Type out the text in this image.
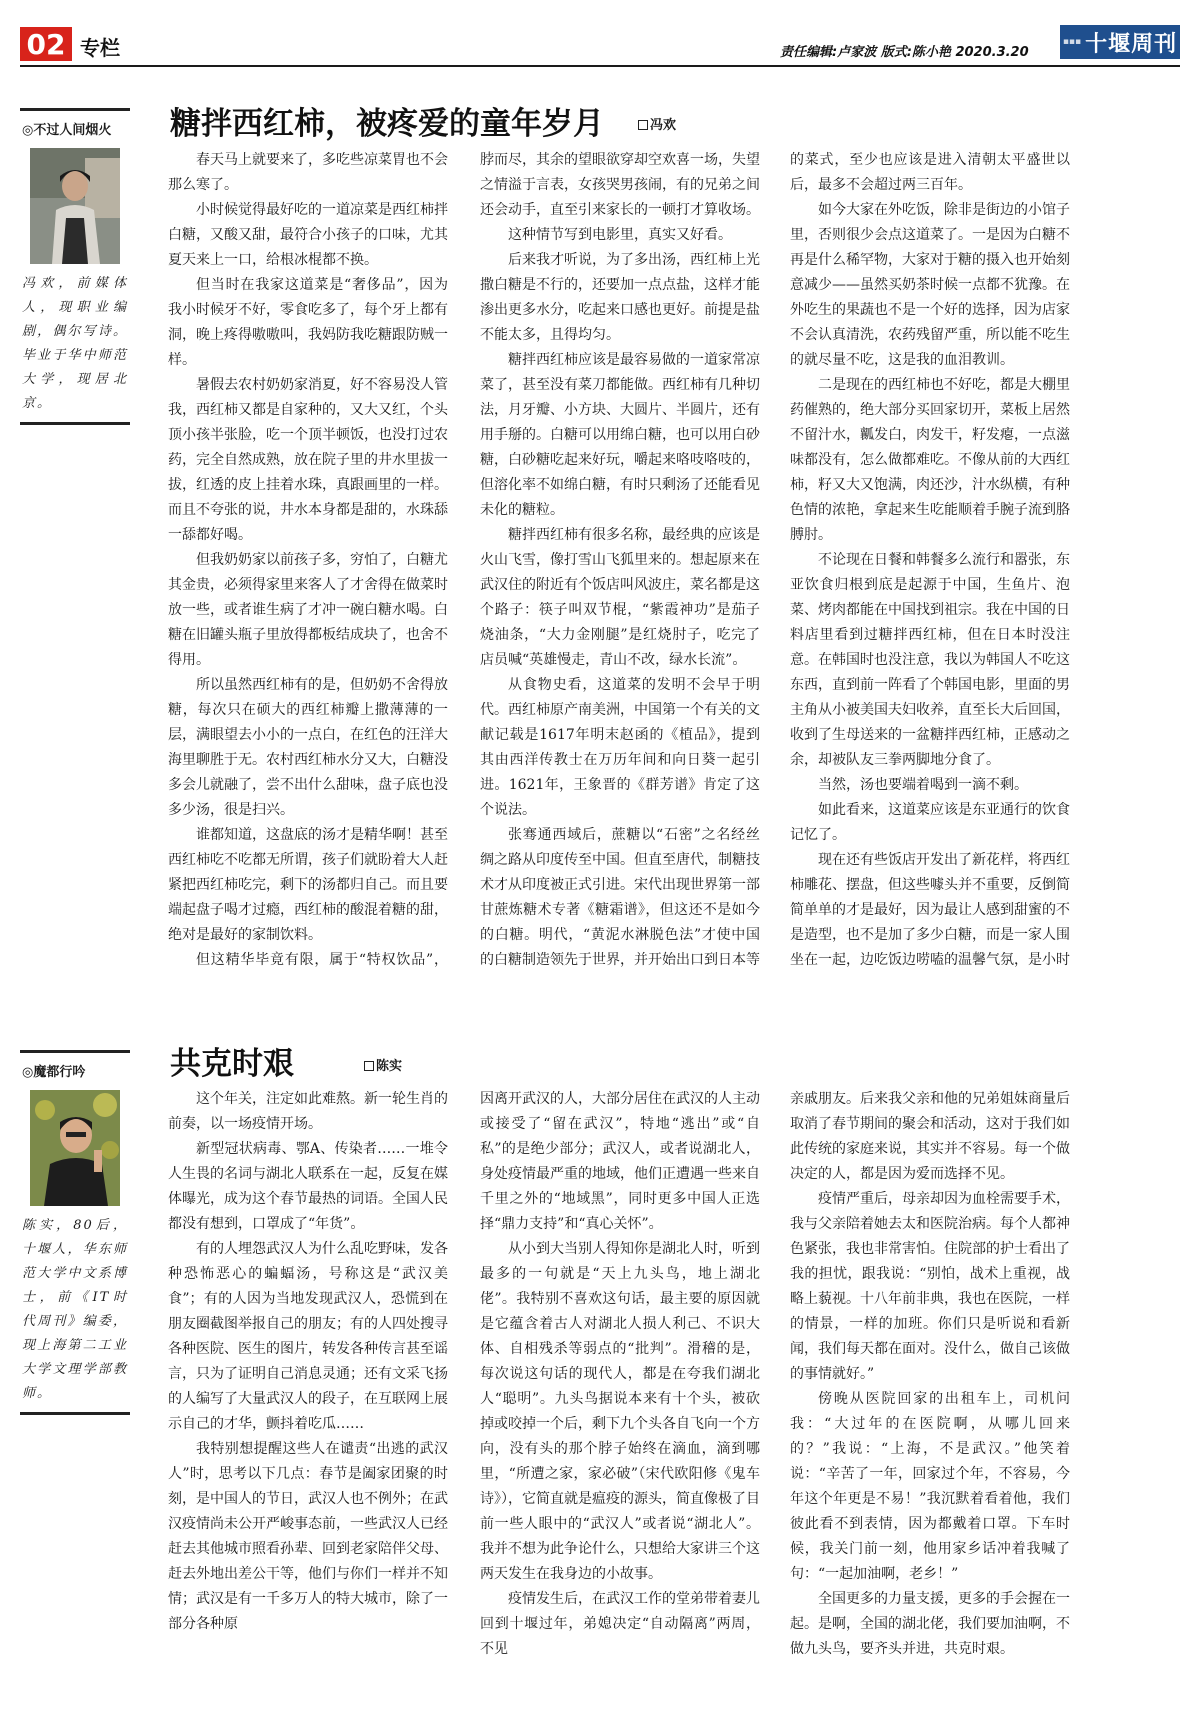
02 专栏	责任编辑:卢家波 版式:陈小艳 2020.3.20
▪▪▪ 十堰周刊
◎不过人间烟火
冯欢，前媒体人，现职业编剧，偶尔写诗。毕业于华中师范大学，现居北京。
糖拌西红柿，被疼爱的童年岁月	冯欢

春天马上就要来了，多吃些凉菜胃也不会那么寒了。

小时候觉得最好吃的一道凉菜是西红柿拌白糖，又酸又甜，最符合小孩子的口味，尤其夏天来上一口，给根冰棍都不换。

但当时在我家这道菜是“奢侈品”，因为我小时候牙不好，零食吃多了，每个牙上都有洞，晚上疼得嗷嗷叫，我妈防我吃糖跟防贼一样。

暑假去农村奶奶家消夏，好不容易没人管我，西红柿又都是自家种的，又大又红，个头顶小孩半张脸，吃一个顶半顿饭，也没打过农药，完全自然成熟，放在院子里的井水里拔一拔，红透的皮上挂着水珠，真跟画里的一样。而且不夸张的说，井水本身都是甜的，水珠舔一舔都好喝。

但我奶奶家以前孩子多，穷怕了，白糖尤其金贵，必须得家里来客人了才舍得在做菜时放一些，或者谁生病了才冲一碗白糖水喝。白糖在旧罐头瓶子里放得都板结成块了，也舍不得用。

所以虽然西红柿有的是，但奶奶不舍得放糖，每次只在硕大的西红柿瓣上撒薄薄的一层，满眼望去小小的一点白，在红色的汪洋大海里聊胜于无。农村西红柿水分又大，白糖没多会儿就融了，尝不出什么甜味，盘子底也没多少汤，很是扫兴。

谁都知道，这盘底的汤才是精华啊！甚至西红柿吃不吃都无所谓，孩子们就盼着大人赶紧把西红柿吃完，剩下的汤都归自己。而且要端起盘子喝才过瘾，西红柿的酸混着糖的甜，绝对是最好的家制饮料。

但这精华毕竟有限，属于“特权饮品”，

脖而尽，其余的望眼欲穿却空欢喜一场，失望之情溢于言表，女孩哭男孩闹，有的兄弟之间还会动手，直至引来家长的一顿打才算收场。

这种情节写到电影里，真实又好看。

后来我才听说，为了多出汤，西红柿上光撒白糖是不行的，还要加一点点盐，这样才能渗出更多水分，吃起来口感也更好。前提是盐不能太多，且得均匀。

糖拌西红柿应该是最容易做的一道家常凉菜了，甚至没有菜刀都能做。西红柿有几种切法，月牙瓣、小方块、大圆片、半圆片，还有用手掰的。白糖可以用绵白糖，也可以用白砂糖，白砂糖吃起来好玩，嚼起来咯吱咯吱的，但溶化率不如绵白糖，有时只剩汤了还能看见未化的糖粒。

糖拌西红柿有很多名称，最经典的应该是火山飞雪，像打雪山飞狐里来的。想起原来在武汉住的附近有个饭店叫风波庄，菜名都是这个路子：筷子叫双节棍，“紫霞神功”是茄子烧油条，“大力金刚腿”是红烧肘子，吃完了店员喊“英雄慢走，青山不改，绿水长流”。

从食物史看，这道菜的发明不会早于明代。西红柿原产南美洲，中国第一个有关的文献记载是1617年明末赵函的《植品》，提到其由西洋传教士在万历年间和向日葵一起引进。1621年，王象晋的《群芳谱》肯定了这个说法。

张骞通西域后，蔗糖以“石密”之名经丝绸之路从印度传至中国。但直至唐代，制糖技术才从印度被正式引进。宋代出现世界第一部甘蔗炼糖术专著《糖霜谱》，但这还不是如今的白糖。明代，“黄泥水淋脱色法”才使中国的白糖制造领先于世界，并开始出口到日本等

的菜式，至少也应该是进入清朝太平盛世以后，最多不会超过两三百年。

如今大家在外吃饭，除非是街边的小馆子里，否则很少会点这道菜了。一是因为白糖不再是什么稀罕物，大家对于糖的摄入也开始刻意减少——虽然买奶茶时候一点都不犹豫。在外吃生的果蔬也不是一个好的选择，因为店家不会认真清洗，农药残留严重，所以能不吃生的就尽量不吃，这是我的血泪教训。

二是现在的西红柿也不好吃，都是大棚里药催熟的，绝大部分买回家切开，菜板上居然不留汁水，瓤发白，肉发干，籽发瘪，一点滋味都没有，怎么做都难吃。不像从前的大西红柿，籽又大又饱满，肉还沙，汁水纵横，有种色情的浓艳，拿起来生吃能顺着手腕子流到胳膊肘。

不论现在日餐和韩餐多么流行和嚣张，东亚饮食归根到底是起源于中国，生鱼片、泡菜、烤肉都能在中国找到祖宗。我在中国的日料店里看到过糖拌西红柿，但在日本时没注意。在韩国时也没注意，我以为韩国人不吃这东西，直到前一阵看了个韩国电影，里面的男主角从小被美国夫妇收养，直至长大后回国，收到了生母送来的一盆糖拌西红柿，正感动之余，却被队友三拳两脚地分食了。

当然，汤也要端着喝到一滴不剩。

如此看来，这道菜应该是东亚通行的饮食记忆了。

现在还有些饭店开发出了新花样，将西红柿雕花、摆盘，但这些噱头并不重要，反倒简简单单的才是最好，因为最让人感到甜蜜的不是造型，也不是加了多少白糖，而是一家人围坐在一起，边吃饭边唠嗑的温馨气氛，是小时

◎魔都行吟
陈实，80后，十堰人，华东师范大学中文系博士，前《IT时代周刊》编委，现上海第二工业大学文理学部教师。
共克时艰	陈实

这个年关，注定如此难熬。新一轮生肖的前奏，以一场疫情开场。

新型冠状病毒、鄂A、传染者……一堆令人生畏的名词与湖北人联系在一起，反复在媒体曝光，成为这个春节最热的词语。全国人民都没有想到，口罩成了“年货”。

有的人埋怨武汉人为什么乱吃野味，发各种恐怖恶心的蝙蝠汤，号称这是“武汉美食”；有的人因为当地发现武汉人，恐慌到在朋友圈截图举报自己的朋友；有的人四处搜寻各种医院、医生的图片，转发各种传言甚至谣言，只为了证明自己消息灵通；还有文采飞扬的人编写了大量武汉人的段子，在互联网上展示自己的才华，颤抖着吃瓜……

我特别想提醒这些人在谴责“出逃的武汉人”时，思考以下几点：春节是阖家团聚的时刻，是中国人的节日，武汉人也不例外；在武汉疫情尚未公开严峻事态前，一些武汉人已经赶去其他城市照看孙辈、回到老家陪伴父母、赶去外地出差公干等，他们与你们一样并不知情；武汉是有一千多万人的特大城市，除了一部分各种原

因离开武汉的人，大部分居住在武汉的人主动或接受了“留在武汉”，特地“逃出”或“自私”的是绝少部分；武汉人，或者说湖北人，身处疫情最严重的地域，他们正遭遇一些来自千里之外的“地域黑”，同时更多中国人正选择“鼎力支持”和“真心关怀”。

从小到大当别人得知你是湖北人时，听到最多的一句就是“天上九头鸟，地上湖北佬”。我特别不喜欢这句话，最主要的原因就是它蕴含着古人对湖北人损人利己、不识大体、自相残杀等弱点的“批判”。滑稽的是，每次说这句话的现代人，都是在夸我们湖北人“聪明”。九头鸟据说本来有十个头，被砍掉或咬掉一个后，剩下九个头各自飞向一个方向，没有头的那个脖子始终在滴血，滴到哪里，“所遭之家，家必破”（宋代欧阳修《鬼车诗》），它简直就是瘟疫的源头，简直像极了目前一些人眼中的“武汉人”或者说“湖北人”。我并不想为此争论什么，只想给大家讲三个这两天发生在我身边的小故事。

疫情发生后，在武汉工作的堂弟带着妻儿回到十堰过年，弟媳决定“自动隔离”两周，不见

亲戚朋友。后来我父亲和他的兄弟姐妹商量后取消了春节期间的聚会和活动，这对于我们如此传统的家庭来说，其实并不容易。每一个做决定的人，都是因为爱而选择不见。

疫情严重后，母亲却因为血栓需要手术，我与父亲陪着她去太和医院治病。每个人都神色紧张，我也非常害怕。住院部的护士看出了我的担忧，跟我说：“别怕，战术上重视，战略上藐视。十八年前非典，我也在医院，一样的情景，一样的加班。你们只是听说和看新闻，我们每天都在面对。没什么，做自己该做的事情就好。”

傍晚从医院回家的出租车上，司机问我：“大过年的在医院啊，从哪儿回来的？”我说：“上海，不是武汉。”他笑着说：“辛苦了一年，回家过个年，不容易，今年这个年更是不易！”我沉默着看着他，我们彼此看不到表情，因为都戴着口罩。下车时候，我关门前一刻，他用家乡话冲着我喊了句：“一起加油啊，老乡！”

全国更多的力量支援，更多的手会握在一起。是啊，全国的湖北佬，我们要加油啊，不做九头鸟，要齐头并进，共克时艰。
